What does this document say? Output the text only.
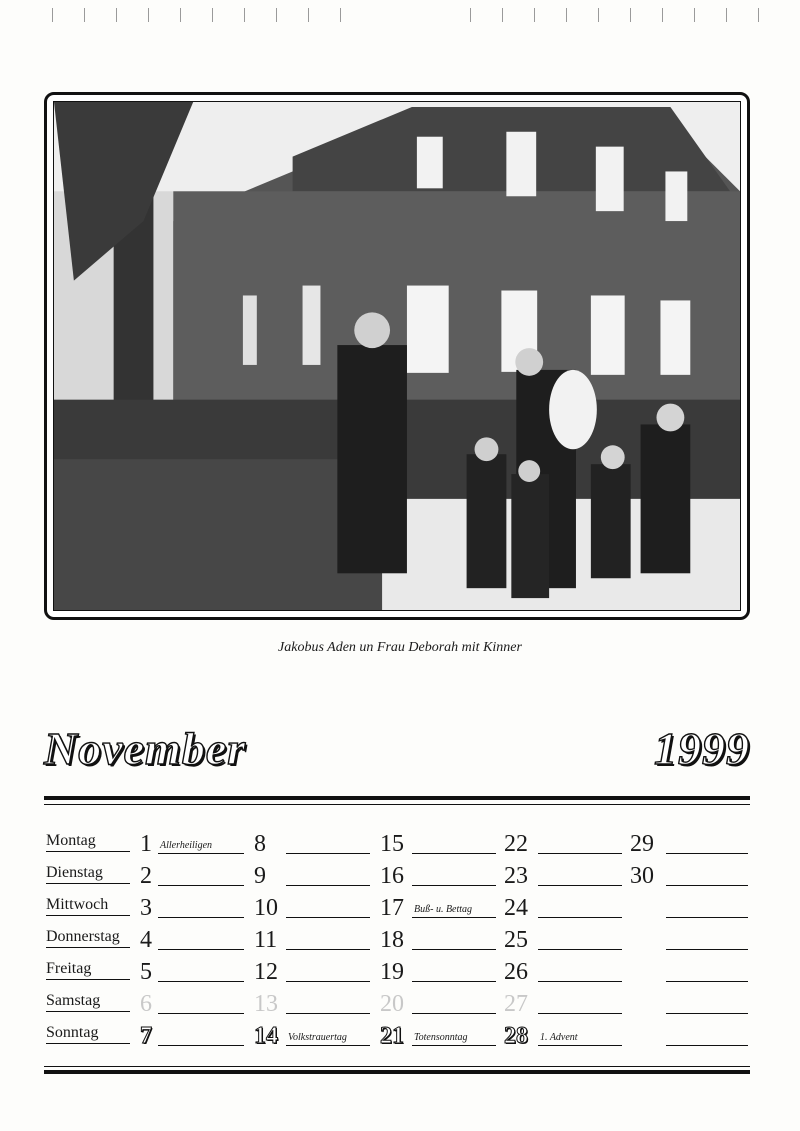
Jakobus Aden un Frau Deborah mit Kinner
November	1999
Montag
Dienstag
Mittwoch
Donnerstag
Freitag
Samstag
Sonntag
1 Allerheiligen
2
3
4
5
6
7
8
9
10
11
12
13
14 Volkstrauertag
15
16
17 Buß- u. Bettag
18
19
20
21 Totensonntag
22
23
24
25
26
27
28 1. Advent
29
30
